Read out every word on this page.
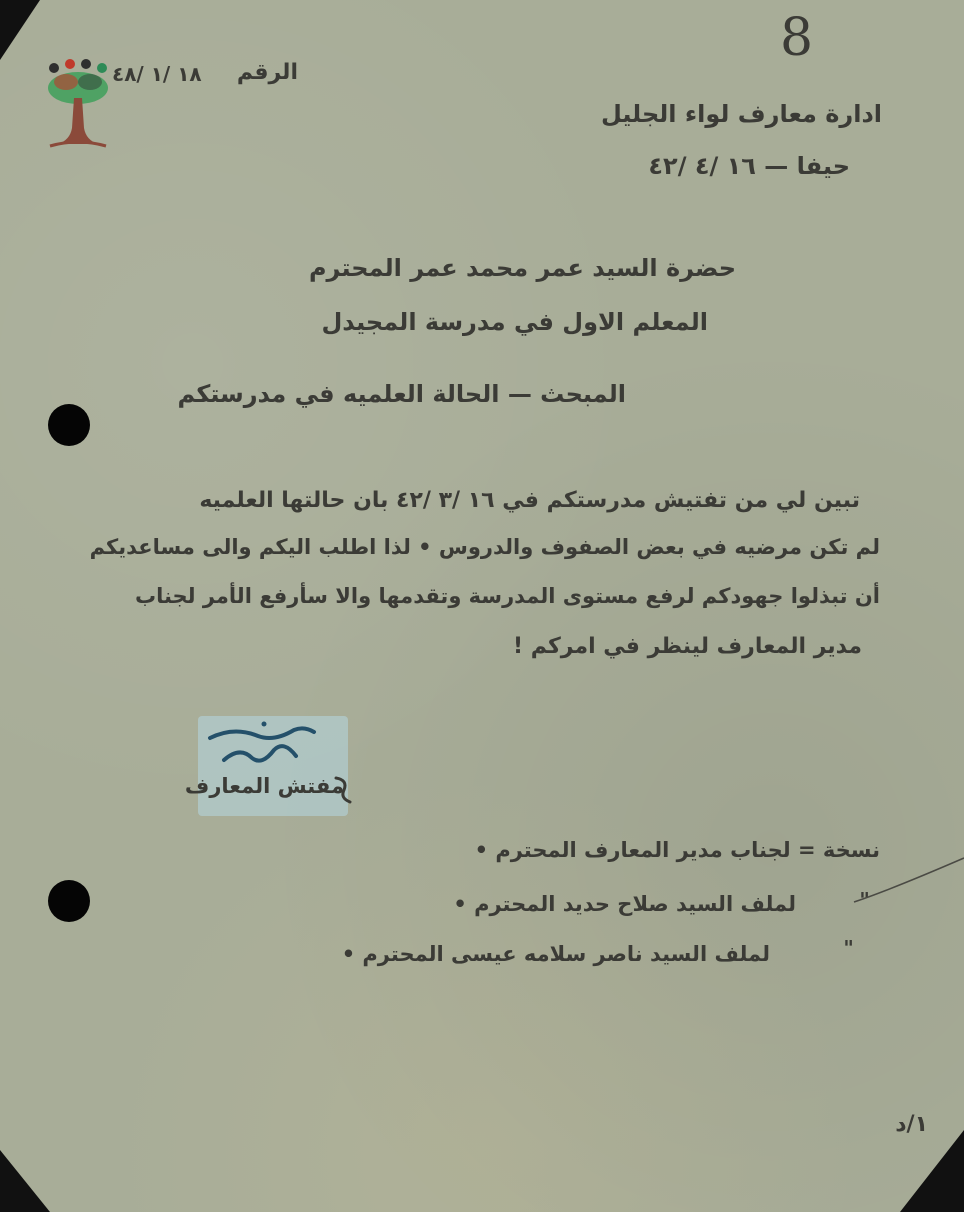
8
الرقم
١٨ /١ /٤٨
ادارة معارف لواء الجليل
حيفا — ١٦ /٤ /٤٢
حضرة السيد عمر محمد عمر المحترم
المعلم الاول في مدرسة المجيدل
المبحث — الحالة العلميه في مدرستكم
تبين لي من تفتيش مدرستكم في ١٦ /٣ /٤٢ بان حالتها العلميه
لم تكن مرضيه في بعض الصفوف والدروس • لذا اطلب اليكم والى مساعديكم
أن تبذلوا جهودكم لرفع مستوى المدرسة وتقدمها والا سأرفع الأمر لجناب
مدير المعارف لينظر في امركم !
مفتش المعارف
نسخة = لجناب مدير المعارف المحترم •
"
لملف السيد صلاح حديد المحترم •
"
لملف السيد ناصر سلامه عيسى المحترم •
١/د
